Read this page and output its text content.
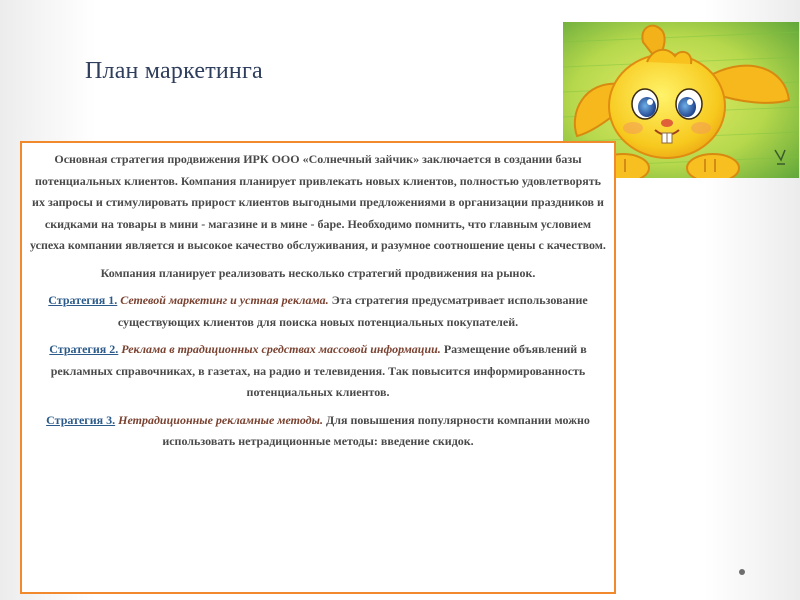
План маркетинга

Основная стратегия продвижения ИРК ООО «Солнечный зайчик» заключается в создании базы потенциальных клиентов. Компания планирует привлекать новых клиентов, полностью удовлетворять их запросы и стимулировать прирост клиентов выгодными предложениями в организации праздников и скидками на товары в мини - магазине и в мине - баре. Необходимо помнить, что главным условием успеха компании является и высокое качество обслуживания, и разумное соотношение цены с качеством.

Компания планирует реализовать несколько стратегий продвижения на рынок.

Стратегия 1. Сетевой маркетинг и устная реклама. Эта стратегия предусматривает использование существующих клиентов для поиска новых потенциальных покупателей.

Стратегия 2. Реклама в традиционных средствах массовой информации. Размещение объявлений в рекламных справочниках, в газетах, на радио и телевидения. Так повысится информированность потенциальных клиентов.

Стратегия 3. Нетрадиционные рекламные методы. Для повышения популярности компании можно использовать нетрадиционные методы: введение скидок.
